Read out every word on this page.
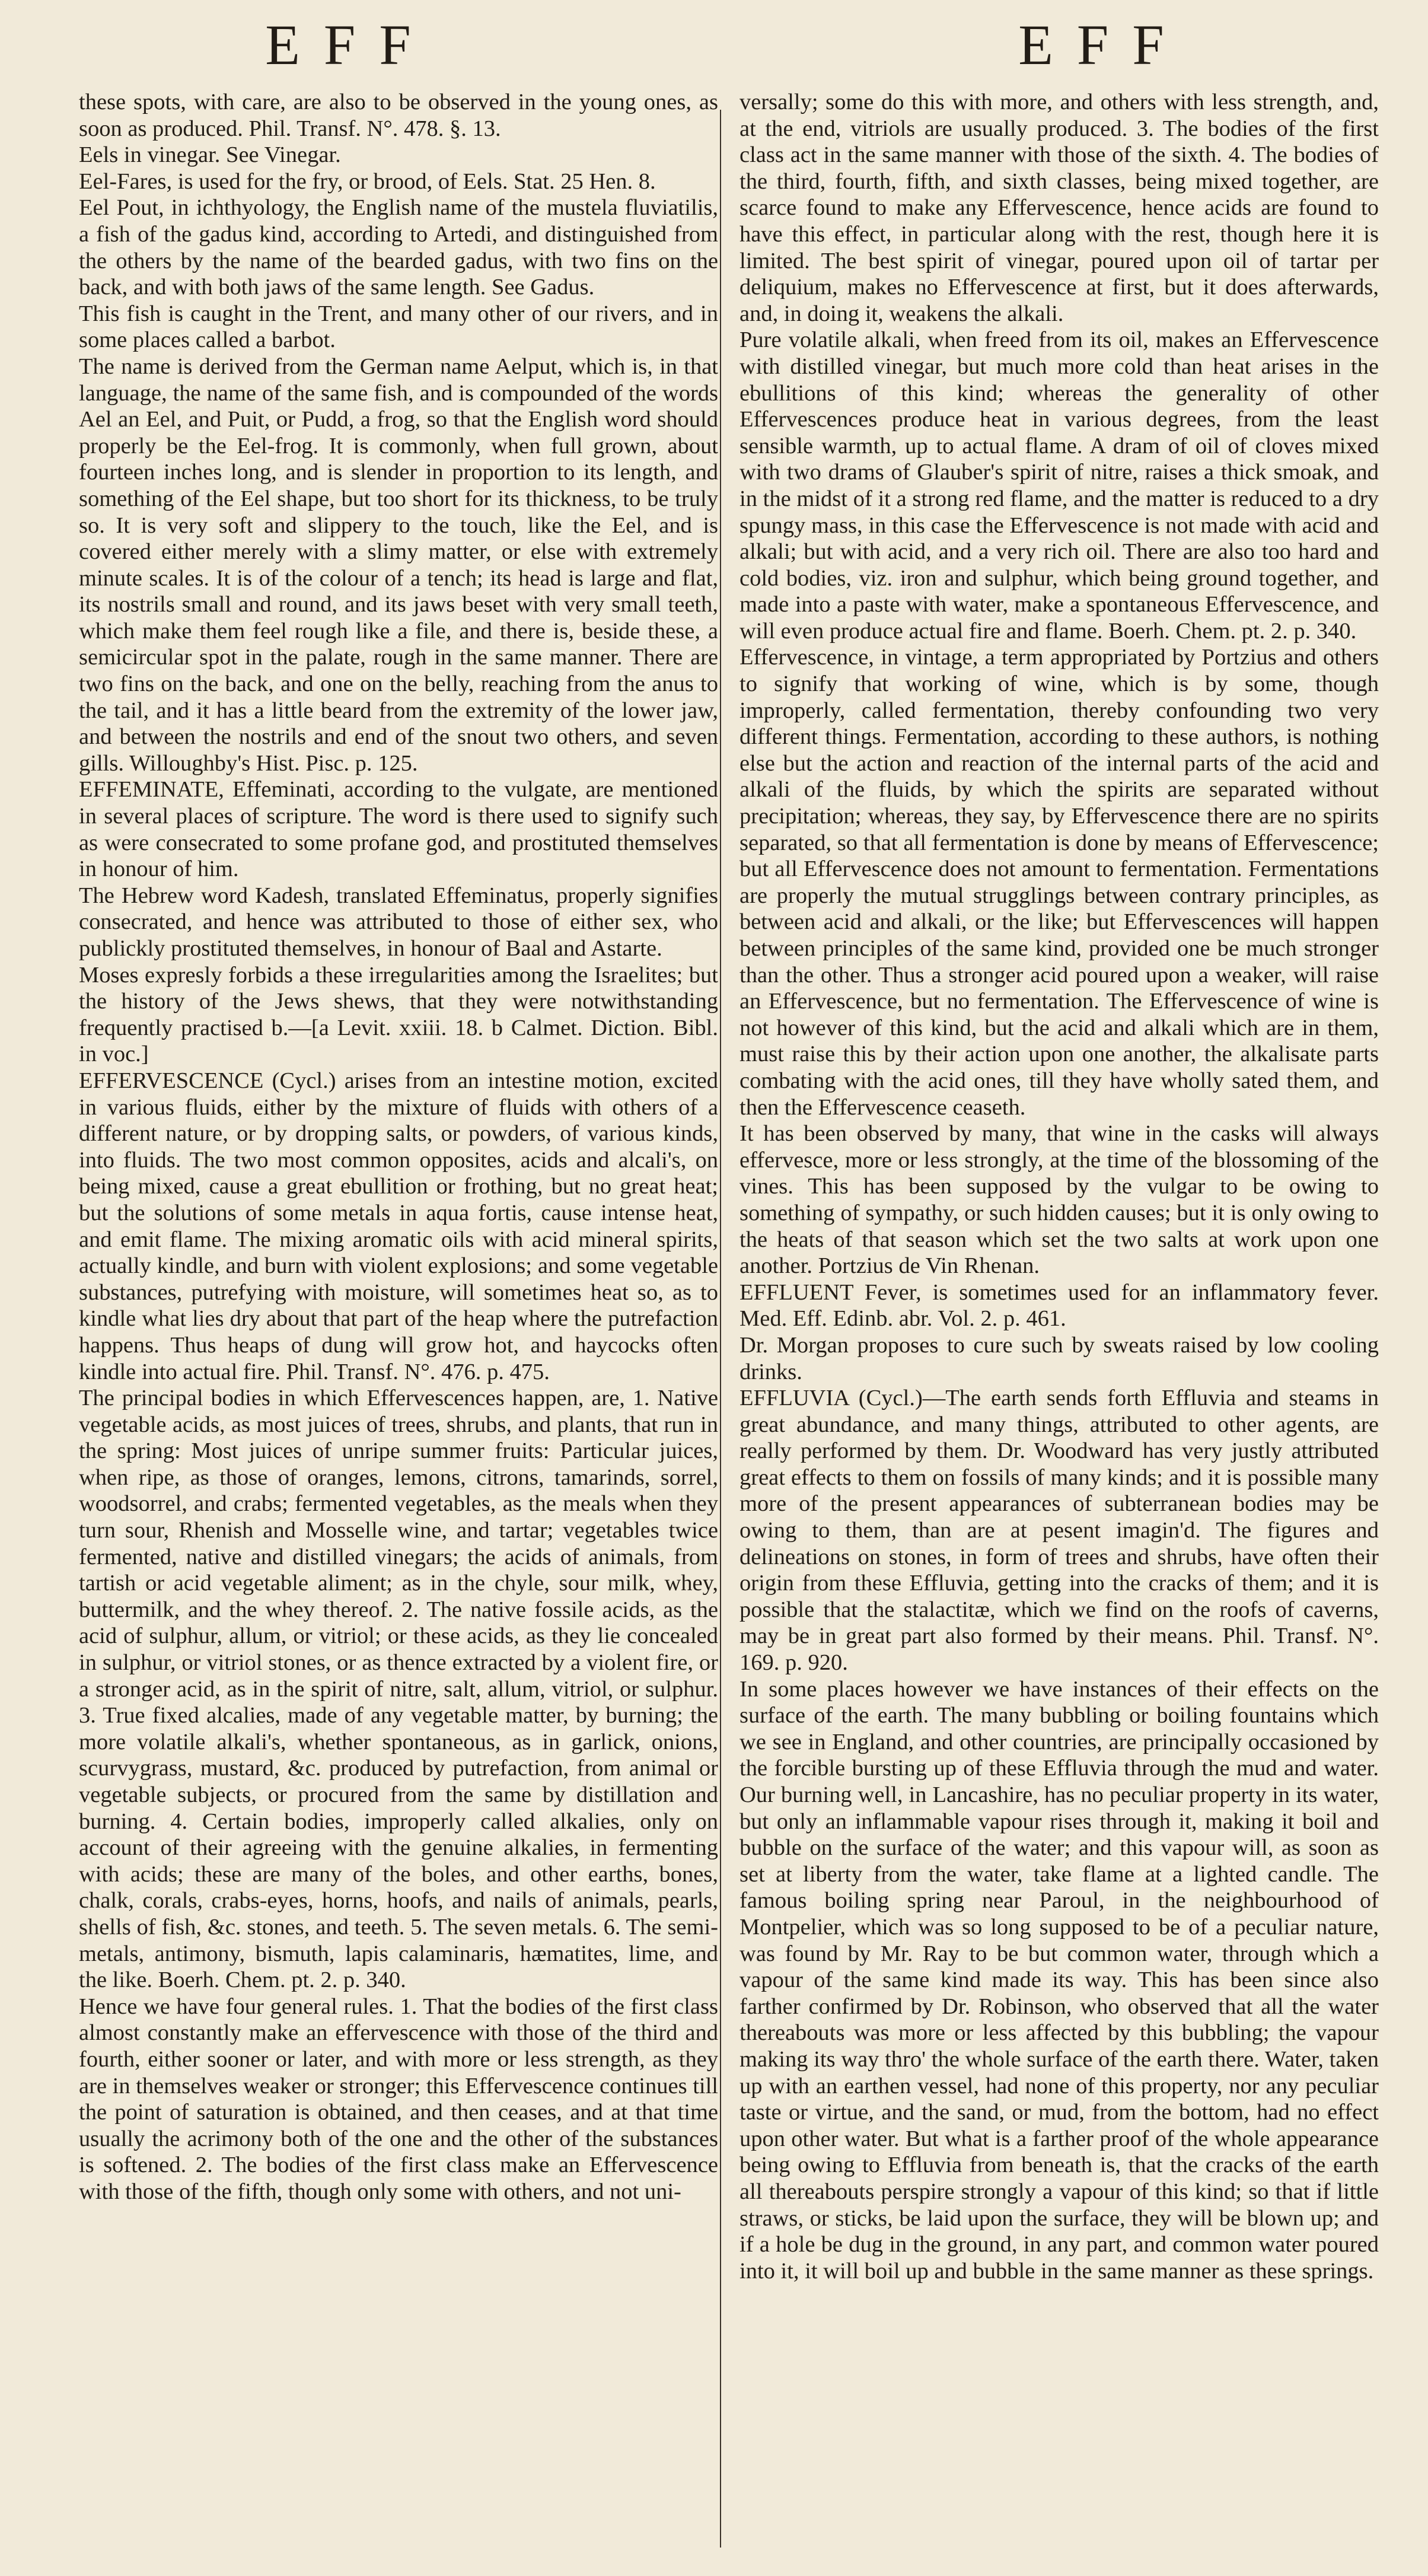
EFF	EFF

these spots, with care, are also to be observed in the young ones, as soon as produced. Phil. Transf. N°. 478. §. 13.

Eels in vinegar. See Vinegar.

Eel-Fares, is used for the fry, or brood, of Eels. Stat. 25 Hen. 8.

Eel Pout, in ichthyology, the English name of the mustela fluviatilis, a fish of the gadus kind, according to Artedi, and distinguished from the others by the name of the bearded gadus, with two fins on the back, and with both jaws of the same length. See Gadus.

This fish is caught in the Trent, and many other of our rivers, and in some places called a barbot.

The name is derived from the German name Aelput, which is, in that language, the name of the same fish, and is compounded of the words Ael an Eel, and Puit, or Pudd, a frog, so that the English word should properly be the Eel-frog. It is commonly, when full grown, about fourteen inches long, and is slender in proportion to its length, and something of the Eel shape, but too short for its thickness, to be truly so. It is very soft and slippery to the touch, like the Eel, and is covered either merely with a slimy matter, or else with extremely minute scales. It is of the colour of a tench; its head is large and flat, its nostrils small and round, and its jaws beset with very small teeth, which make them feel rough like a file, and there is, beside these, a semicircular spot in the palate, rough in the same manner. There are two fins on the back, and one on the belly, reaching from the anus to the tail, and it has a little beard from the extremity of the lower jaw, and between the nostrils and end of the snout two others, and seven gills. Willoughby's Hist. Pisc. p. 125.

EFFEMINATE, Effeminati, according to the vulgate, are mentioned in several places of scripture. The word is there used to signify such as were consecrated to some profane god, and prostituted themselves in honour of him.

The Hebrew word Kadesh, translated Effeminatus, properly signifies consecrated, and hence was attributed to those of either sex, who publickly prostituted themselves, in honour of Baal and Astarte.

Moses expresly forbids a these irregularities among the Israelites; but the history of the Jews shews, that they were notwithstanding frequently practised b.—[a Levit. xxiii. 18. b Calmet. Diction. Bibl. in voc.]

EFFERVESCENCE (Cycl.) arises from an intestine motion, excited in various fluids, either by the mixture of fluids with others of a different nature, or by dropping salts, or powders, of various kinds, into fluids. The two most common opposites, acids and alcali's, on being mixed, cause a great ebullition or frothing, but no great heat; but the solutions of some metals in aqua fortis, cause intense heat, and emit flame. The mixing aromatic oils with acid mineral spirits, actually kindle, and burn with violent explosions; and some vegetable substances, putrefying with moisture, will sometimes heat so, as to kindle what lies dry about that part of the heap where the putrefaction happens. Thus heaps of dung will grow hot, and haycocks often kindle into actual fire. Phil. Transf. N°. 476. p. 475.

The principal bodies in which Effervescences happen, are, 1. Native vegetable acids, as most juices of trees, shrubs, and plants, that run in the spring: Most juices of unripe summer fruits: Particular juices, when ripe, as those of oranges, lemons, citrons, tamarinds, sorrel, woodsorrel, and crabs; fermented vegetables, as the meals when they turn sour, Rhenish and Mosselle wine, and tartar; vegetables twice fermented, native and distilled vinegars; the acids of animals, from tartish or acid vegetable aliment; as in the chyle, sour milk, whey, buttermilk, and the whey thereof. 2. The native fossile acids, as the acid of sulphur, allum, or vitriol; or these acids, as they lie concealed in sulphur, or vitriol stones, or as thence extracted by a violent fire, or a stronger acid, as in the spirit of nitre, salt, allum, vitriol, or sulphur. 3. True fixed alcalies, made of any vegetable matter, by burning; the more volatile alkali's, whether spontaneous, as in garlick, onions, scurvygrass, mustard, &c. produced by putrefaction, from animal or vegetable subjects, or procured from the same by distillation and burning. 4. Certain bodies, improperly called alkalies, only on account of their agreeing with the genuine alkalies, in fermenting with acids; these are many of the boles, and other earths, bones, chalk, corals, crabs-eyes, horns, hoofs, and nails of animals, pearls, shells of fish, &c. stones, and teeth. 5. The seven metals. 6. The semi-metals, antimony, bismuth, lapis calaminaris, hæmatites, lime, and the like. Boerh. Chem. pt. 2. p. 340.

Hence we have four general rules. 1. That the bodies of the first class almost constantly make an effervescence with those of the third and fourth, either sooner or later, and with more or less strength, as they are in themselves weaker or stronger; this Effervescence continues till the point of saturation is obtained, and then ceases, and at that time usually the acrimony both of the one and the other of the substances is softened. 2. The bodies of the first class make an Effervescence with those of the fifth, though only some with others, and not uni-

versally; some do this with more, and others with less strength, and, at the end, vitriols are usually produced. 3. The bodies of the first class act in the same manner with those of the sixth. 4. The bodies of the third, fourth, fifth, and sixth classes, being mixed together, are scarce found to make any Effervescence, hence acids are found to have this effect, in particular along with the rest, though here it is limited. The best spirit of vinegar, poured upon oil of tartar per deliquium, makes no Effervescence at first, but it does afterwards, and, in doing it, weakens the alkali.

Pure volatile alkali, when freed from its oil, makes an Effervescence with distilled vinegar, but much more cold than heat arises in the ebullitions of this kind; whereas the generality of other Effervescences produce heat in various degrees, from the least sensible warmth, up to actual flame. A dram of oil of cloves mixed with two drams of Glauber's spirit of nitre, raises a thick smoak, and in the midst of it a strong red flame, and the matter is reduced to a dry spungy mass, in this case the Effervescence is not made with acid and alkali; but with acid, and a very rich oil. There are also too hard and cold bodies, viz. iron and sulphur, which being ground together, and made into a paste with water, make a spontaneous Effervescence, and will even produce actual fire and flame. Boerh. Chem. pt. 2. p. 340.

Effervescence, in vintage, a term appropriated by Portzius and others to signify that working of wine, which is by some, though improperly, called fermentation, thereby confounding two very different things. Fermentation, according to these authors, is nothing else but the action and reaction of the internal parts of the acid and alkali of the fluids, by which the spirits are separated without precipitation; whereas, they say, by Effervescence there are no spirits separated, so that all fermentation is done by means of Effervescence; but all Effervescence does not amount to fermentation. Fermentations are properly the mutual strugglings between contrary principles, as between acid and alkali, or the like; but Effervescences will happen between principles of the same kind, provided one be much stronger than the other. Thus a stronger acid poured upon a weaker, will raise an Effervescence, but no fermentation. The Effervescence of wine is not however of this kind, but the acid and alkali which are in them, must raise this by their action upon one another, the alkalisate parts combating with the acid ones, till they have wholly sated them, and then the Effervescence ceaseth.

It has been observed by many, that wine in the casks will always effervesce, more or less strongly, at the time of the blossoming of the vines. This has been supposed by the vulgar to be owing to something of sympathy, or such hidden causes; but it is only owing to the heats of that season which set the two salts at work upon one another. Portzius de Vin Rhenan.

EFFLUENT Fever, is sometimes used for an inflammatory fever. Med. Eff. Edinb. abr. Vol. 2. p. 461.

Dr. Morgan proposes to cure such by sweats raised by low cooling drinks.

EFFLUVIA (Cycl.)—The earth sends forth Effluvia and steams in great abundance, and many things, attributed to other agents, are really performed by them. Dr. Woodward has very justly attributed great effects to them on fossils of many kinds; and it is possible many more of the present appearances of subterranean bodies may be owing to them, than are at pesent imagin'd. The figures and delineations on stones, in form of trees and shrubs, have often their origin from these Effluvia, getting into the cracks of them; and it is possible that the stalactitæ, which we find on the roofs of caverns, may be in great part also formed by their means. Phil. Transf. N°. 169. p. 920.

In some places however we have instances of their effects on the surface of the earth. The many bubbling or boiling fountains which we see in England, and other countries, are principally occasioned by the forcible bursting up of these Effluvia through the mud and water. Our burning well, in Lancashire, has no peculiar property in its water, but only an inflammable vapour rises through it, making it boil and bubble on the surface of the water; and this vapour will, as soon as set at liberty from the water, take flame at a lighted candle. The famous boiling spring near Paroul, in the neighbourhood of Montpelier, which was so long supposed to be of a peculiar nature, was found by Mr. Ray to be but common water, through which a vapour of the same kind made its way. This has been since also farther confirmed by Dr. Robinson, who observed that all the water thereabouts was more or less affected by this bubbling; the vapour making its way thro' the whole surface of the earth there. Water, taken up with an earthen vessel, had none of this property, nor any peculiar taste or virtue, and the sand, or mud, from the bottom, had no effect upon other water. But what is a farther proof of the whole appearance being owing to Effluvia from beneath is, that the cracks of the earth all thereabouts perspire strongly a vapour of this kind; so that if little straws, or sticks, be laid upon the surface, they will be blown up; and if a hole be dug in the ground, in any part, and common water poured into it, it will boil up and bubble in the same manner as these springs.
